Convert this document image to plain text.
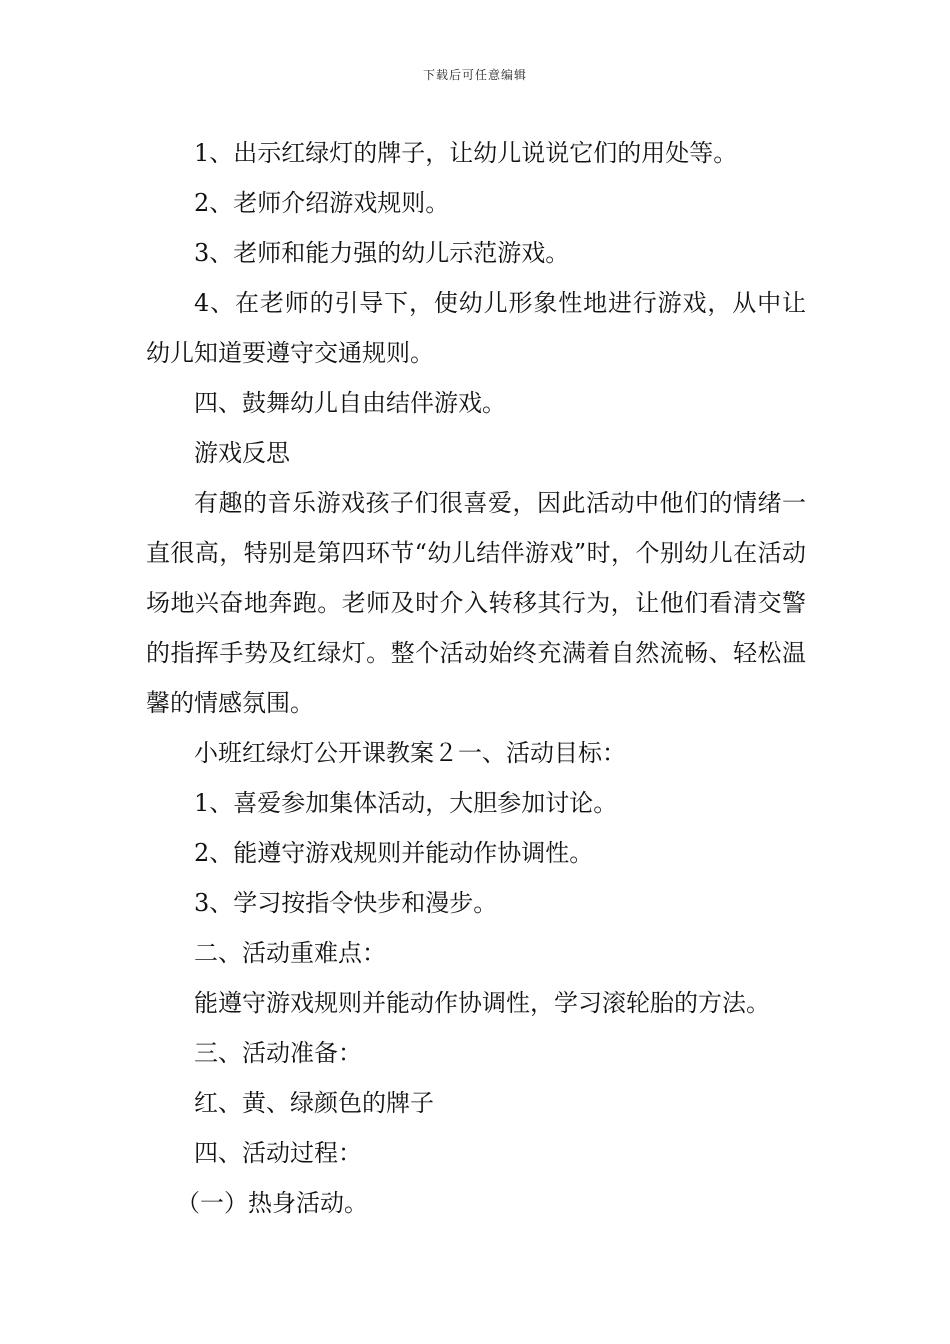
下载后可任意编辑

1、出示红绿灯的牌子，让幼儿说说它们的用处等。

2、老师介绍游戏规则。

3、老师和能力强的幼儿示范游戏。

4、在老师的引导下，使幼儿形象性地进行游戏，从中让幼儿知道要遵守交通规则。

四、鼓舞幼儿自由结伴游戏。

游戏反思

有趣的音乐游戏孩子们很喜爱，因此活动中他们的情绪一直很高，特别是第四环节“幼儿结伴游戏”时，个别幼儿在活动场地兴奋地奔跑。老师及时介入转移其行为，让他们看清交警的指挥手势及红绿灯。整个活动始终充满着自然流畅、轻松温馨的情感氛围。

小班红绿灯公开课教案２一、活动目标：

1、喜爱参加集体活动，大胆参加讨论。

2、能遵守游戏规则并能动作协调性。

3、学习按指令快步和漫步。

二、活动重难点：

能遵守游戏规则并能动作协调性，学习滚轮胎的方法。

三、活动准备：

红、黄、绿颜色的牌子

四、活动过程：

（一）热身活动。
